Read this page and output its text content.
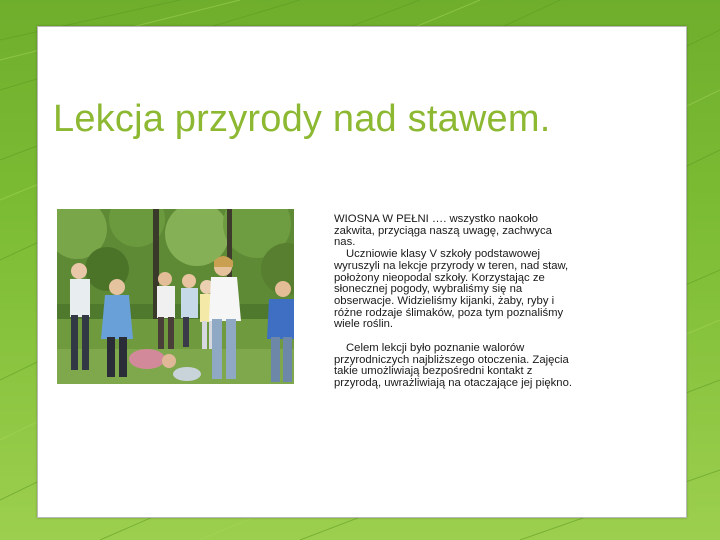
Lekcja przyrody nad stawem.

WIOSNA W PEŁNI …. wszystko naokoło zakwita, przyciąga naszą uwagę, zachwyca nas.

Uczniowie klasy V szkoły podstawowej wyruszyli na lekcje przyrody w teren, nad staw, położony nieopodal szkoły. Korzystając ze słonecznej pogody, wybraliśmy się na obserwacje. Widzieliśmy kijanki, żaby, ryby i różne rodzaje ślimaków, poza tym poznaliśmy wiele roślin.

Celem lekcji było poznanie walorów przyrodniczych najbliższego otoczenia. Zajęcia takie umożliwiają bezpośredni kontakt z przyrodą, uwrażliwiają na otaczające jej piękno.
